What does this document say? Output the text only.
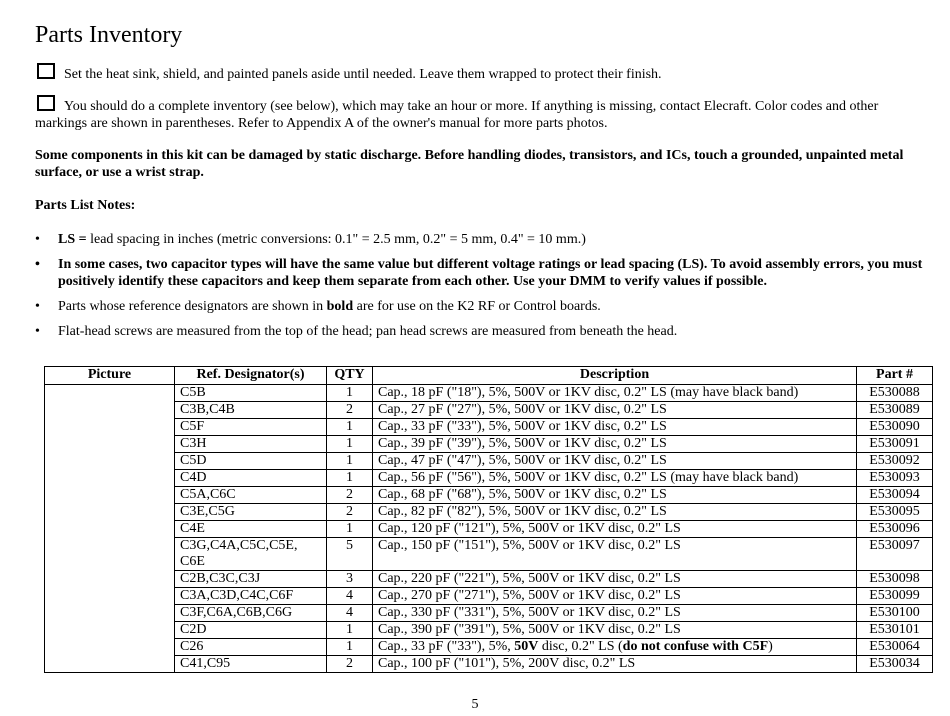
Parts Inventory
Set the heat sink, shield, and painted panels aside until needed. Leave them wrapped to protect their finish.
You should do a complete inventory (see below), which may take an hour or more. If anything is missing, contact Elecraft. Color codes and other markings are shown in parentheses. Refer to Appendix A of the owner's manual for more parts photos.
Some components in this kit can be damaged by static discharge. Before handling diodes, transistors, and ICs, touch a grounded, unpainted metal surface, or use a wrist strap.
Parts List Notes:
• LS = lead spacing in inches (metric conversions: 0.1" = 2.5 mm, 0.2" = 5 mm, 0.4" = 10 mm.)
• In some cases, two capacitor types will have the same value but different voltage ratings or lead spacing (LS). To avoid assembly errors, you must positively identify these capacitors and keep them separate from each other. Use your DMM to verify values if possible.
• Parts whose reference designators are shown in bold are for use on the K2 RF or Control boards.
• Flat-head screws are measured from the top of the head; pan head screws are measured from beneath the head.
Picture	Ref. Designator(s)	QTY	Description	Part #
	C5B	1	Cap., 18 pF ("18"), 5%, 500V or 1KV disc, 0.2" LS (may have black band)	E530088
	C3B,C4B	2	Cap., 27 pF ("27"), 5%, 500V or 1KV disc, 0.2" LS	E530089
	C5F	1	Cap., 33 pF ("33"), 5%, 500V or 1KV disc, 0.2" LS	E530090
	C3H	1	Cap., 39 pF ("39"), 5%, 500V or 1KV disc, 0.2" LS	E530091
	C5D	1	Cap., 47 pF ("47"), 5%, 500V or 1KV disc, 0.2" LS	E530092
	C4D	1	Cap., 56 pF ("56"), 5%, 500V or 1KV disc, 0.2" LS (may have black band)	E530093
	C5A,C6C	2	Cap., 68 pF ("68"), 5%, 500V or 1KV disc, 0.2" LS	E530094
	C3E,C5G	2	Cap., 82 pF ("82"), 5%, 500V or 1KV disc, 0.2" LS	E530095
	C4E	1	Cap., 120 pF ("121"), 5%, 500V or 1KV disc, 0.2" LS	E530096
	C3G,C4A,C5C,C5E,
C6E	5	Cap., 150 pF ("151"), 5%, 500V or 1KV disc, 0.2" LS	E530097
	C2B,C3C,C3J	3	Cap., 220 pF ("221"), 5%, 500V or 1KV disc, 0.2" LS	E530098
	C3A,C3D,C4C,C6F	4	Cap., 270 pF ("271"), 5%, 500V or 1KV disc, 0.2" LS	E530099
	C3F,C6A,C6B,C6G	4	Cap., 330 pF ("331"), 5%, 500V or 1KV disc, 0.2" LS	E530100
	C2D	1	Cap., 390 pF ("391"), 5%, 500V or 1KV disc, 0.2" LS	E530101
	C26	1	Cap., 33 pF ("33"), 5%, 50V disc, 0.2" LS (do not confuse with C5F)	E530064
	C41,C95	2	Cap., 100 pF ("101"), 5%, 200V disc, 0.2" LS	E530034
5
